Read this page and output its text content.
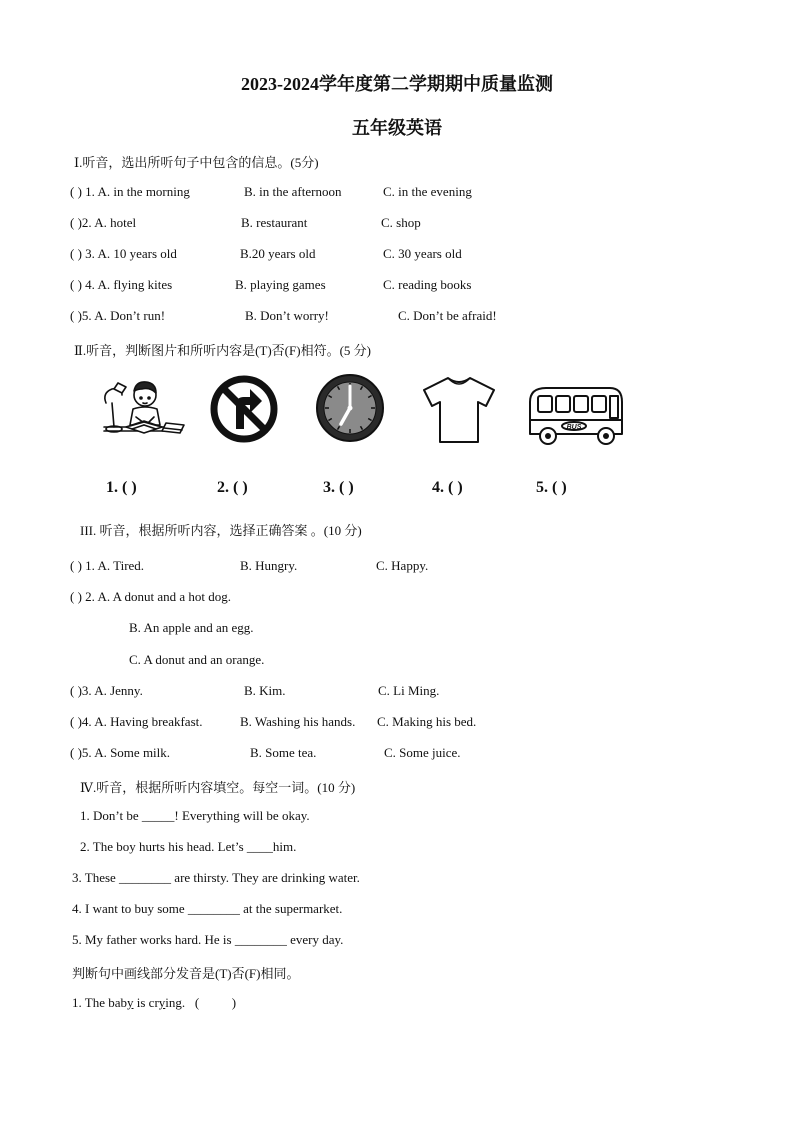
2023-2024学年度第二学期期中质量监测
五年级英语
Ⅰ.听音，选出所听句子中包含的信息。(5分)
( ) 1. A. in the morning	B. in the afternoon	C. in the evening
( )2. A. hotel	B. restaurant	C. shop
( ) 3. A. 10 years old	B.20 years old	C. 30 years old
( ) 4. A. flying kites	B. playing games	C. reading books
( )5. A. Don’t run!	B. Don’t worry!	C. Don’t be afraid!
Ⅱ.听音，判断图片和所听内容是(T)否(F)相符。(5 分)
BUS
1. ( )	2. ( )	3. ( )	4. ( )	5. ( )
III. 听音，根据所听内容，选择正确答案 。(10 分)
( ) 1. A. Tired.	B. Hungry.	C. Happy.
( ) 2. A. A donut and a hot dog.
B. An apple and an egg.
C. A donut and an orange.
( )3. A. Jenny.	B. Kim.	C. Li Ming.
( )4. A. Having breakfast.	B. Washing his hands. C. Making his bed.
( )5. A. Some milk.	B. Some tea.	C. Some juice.
Ⅳ.听音，根据所听内容填空。每空一词。(10 分)
1. Don’t be _____! Everything will be okay.
2. The boy hurts his head. Let’s ____him.
3. These ________ are thirsty. They are drinking water.
4. I want to buy some ________ at the supermarket.
5. My father works hard. He is ________ every day.
判断句中画线部分发音是(T)否(F)相同。
1. The baby is crying.   (          )
